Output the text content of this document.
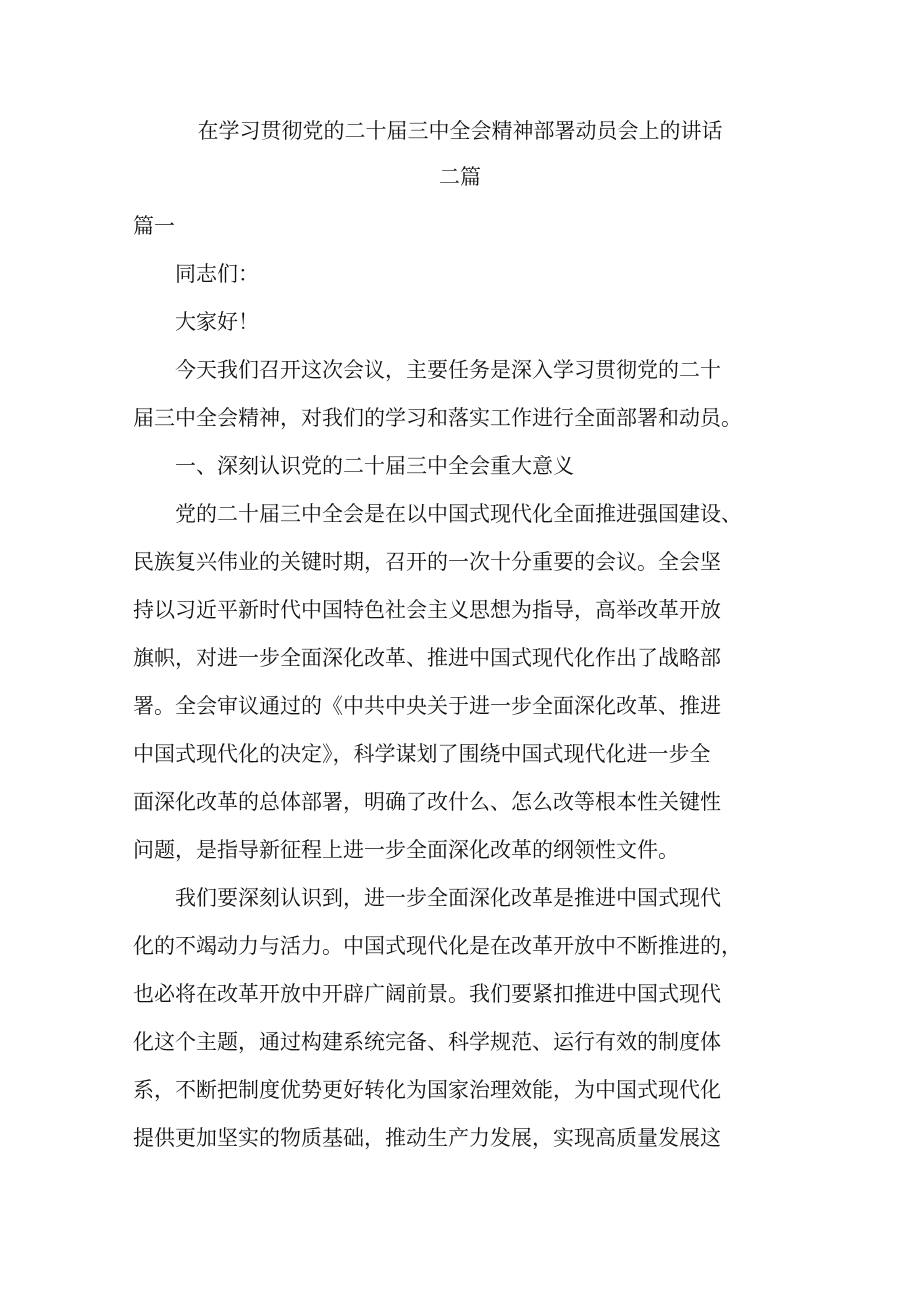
在学习贯彻党的二十届三中全会精神部署动员会上的讲话
二篇
篇一
同志们：
大家好！
今天我们召开这次会议，主要任务是深入学习贯彻党的二十
届三中全会精神，对我们的学习和落实工作进行全面部署和动员。
一、深刻认识党的二十届三中全会重大意义
党的二十届三中全会是在以中国式现代化全面推进强国建设、
民族复兴伟业的关键时期，召开的一次十分重要的会议。全会坚
持以习近平新时代中国特色社会主义思想为指导，高举改革开放
旗帜，对进一步全面深化改革、推进中国式现代化作出了战略部
署。全会审议通过的《中共中央关于进一步全面深化改革、推进
中国式现代化的决定》，科学谋划了围绕中国式现代化进一步全
面深化改革的总体部署，明确了改什么、怎么改等根本性关键性
问题，是指导新征程上进一步全面深化改革的纲领性文件。
我们要深刻认识到，进一步全面深化改革是推进中国式现代
化的不竭动力与活力。中国式现代化是在改革开放中不断推进的，
也必将在改革开放中开辟广阔前景。我们要紧扣推进中国式现代
化这个主题，通过构建系统完备、科学规范、运行有效的制度体
系，不断把制度优势更好转化为国家治理效能，为中国式现代化
提供更加坚实的物质基础，推动生产力发展，实现高质量发展这
